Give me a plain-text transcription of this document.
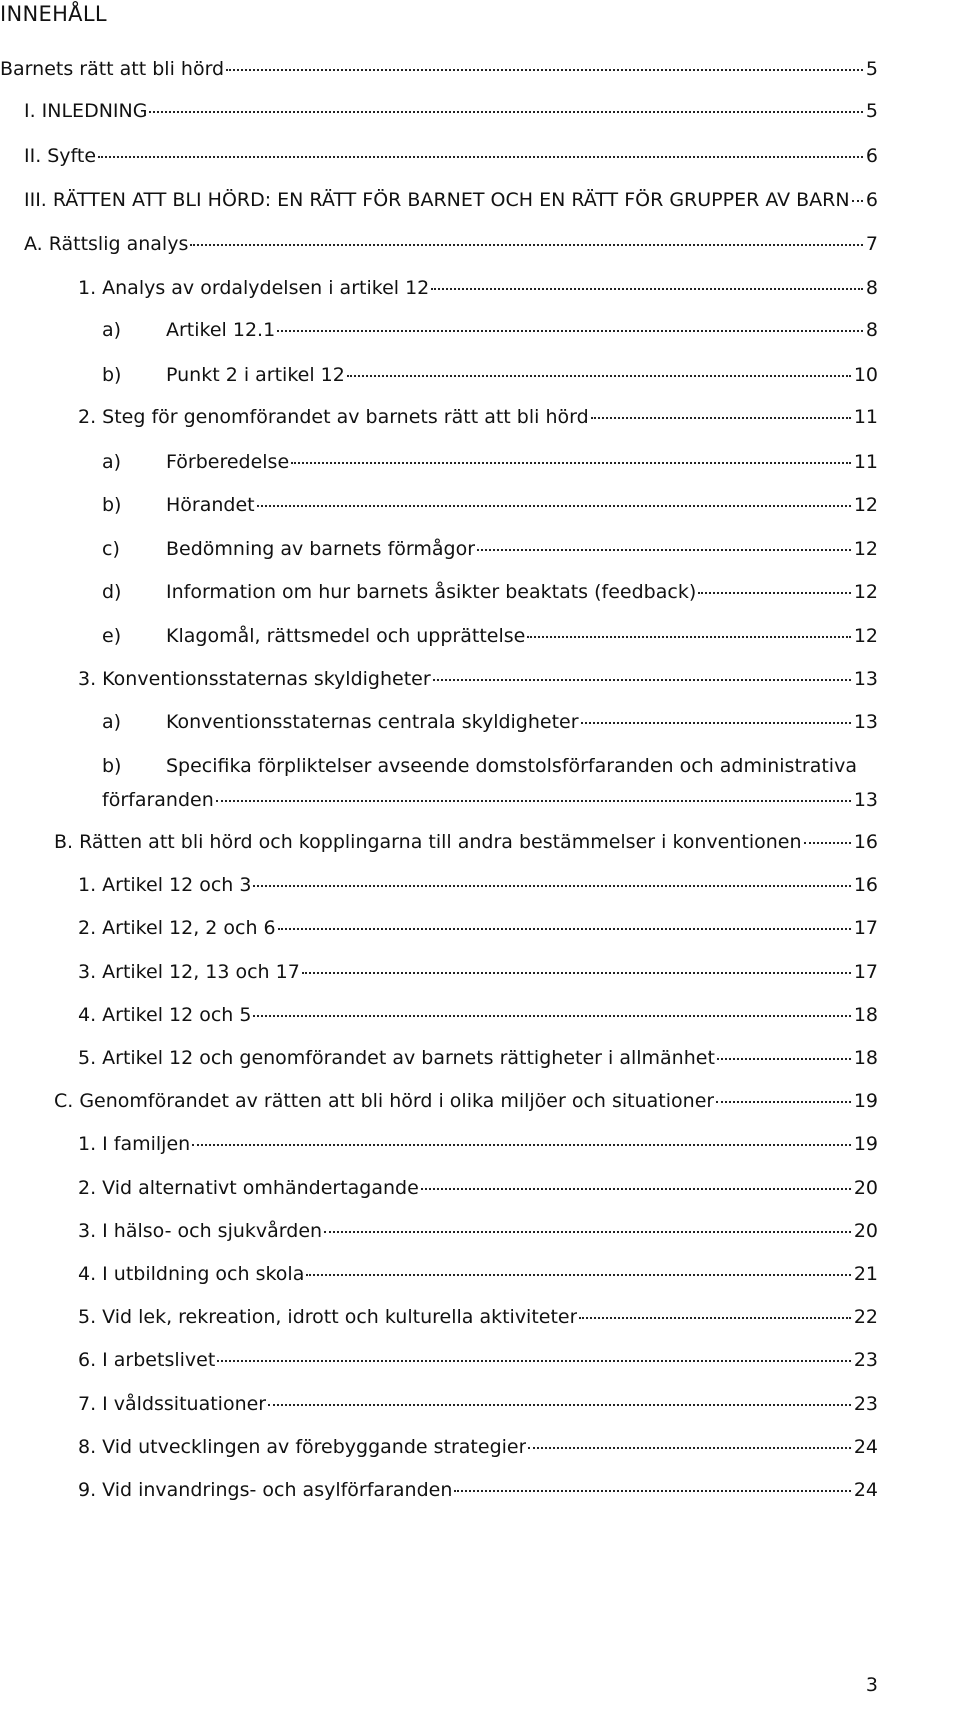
INNEHÅLL
Barnets rätt att bli hörd	5
I. INLEDNING	5
II. Syfte	6
III. RÄTTEN ATT BLI HÖRD: EN RÄTT FÖR BARNET OCH EN RÄTT FÖR GRUPPER AV BARN 6
A. Rättslig analys	7
1. Analys av ordalydelsen i artikel 12	8
a)	Artikel 12.1	8
b)	Punkt 2 i artikel 12	10
2. Steg för genomförandet av barnets rätt att bli hörd	11
a)	Förberedelse	11
b)	Hörandet	12
c)	Bedömning av barnets förmågor	12
d)	Information om hur barnets åsikter beaktats (feedback)	12
e)	Klagomål, rättsmedel och upprättelse	12
3. Konventionsstaternas skyldigheter	13
a)	Konventionsstaternas centrala skyldigheter	13
b)	Specifika förpliktelser avseende domstolsförfaranden och administrativa
förfaranden	13
B. Rätten att bli hörd och kopplingarna till andra bestämmelser i konventionen	16
1. Artikel 12 och 3	16
2. Artikel 12, 2 och 6	17
3. Artikel 12, 13 och 17	17
4. Artikel 12 och 5	18
5. Artikel 12 och genomförandet av barnets rättigheter i allmänhet	18
C. Genomförandet av rätten att bli hörd i olika miljöer och situationer	19
1. I familjen	19
2. Vid alternativt omhändertagande	20
3. I hälso- och sjukvården	20
4. I utbildning och skola	21
5. Vid lek, rekreation, idrott och kulturella aktiviteter	22
6. I arbetslivet	23
7. I våldssituationer	23
8. Vid utvecklingen av förebyggande strategier	24
9. Vid invandrings- och asylförfaranden	24
3
